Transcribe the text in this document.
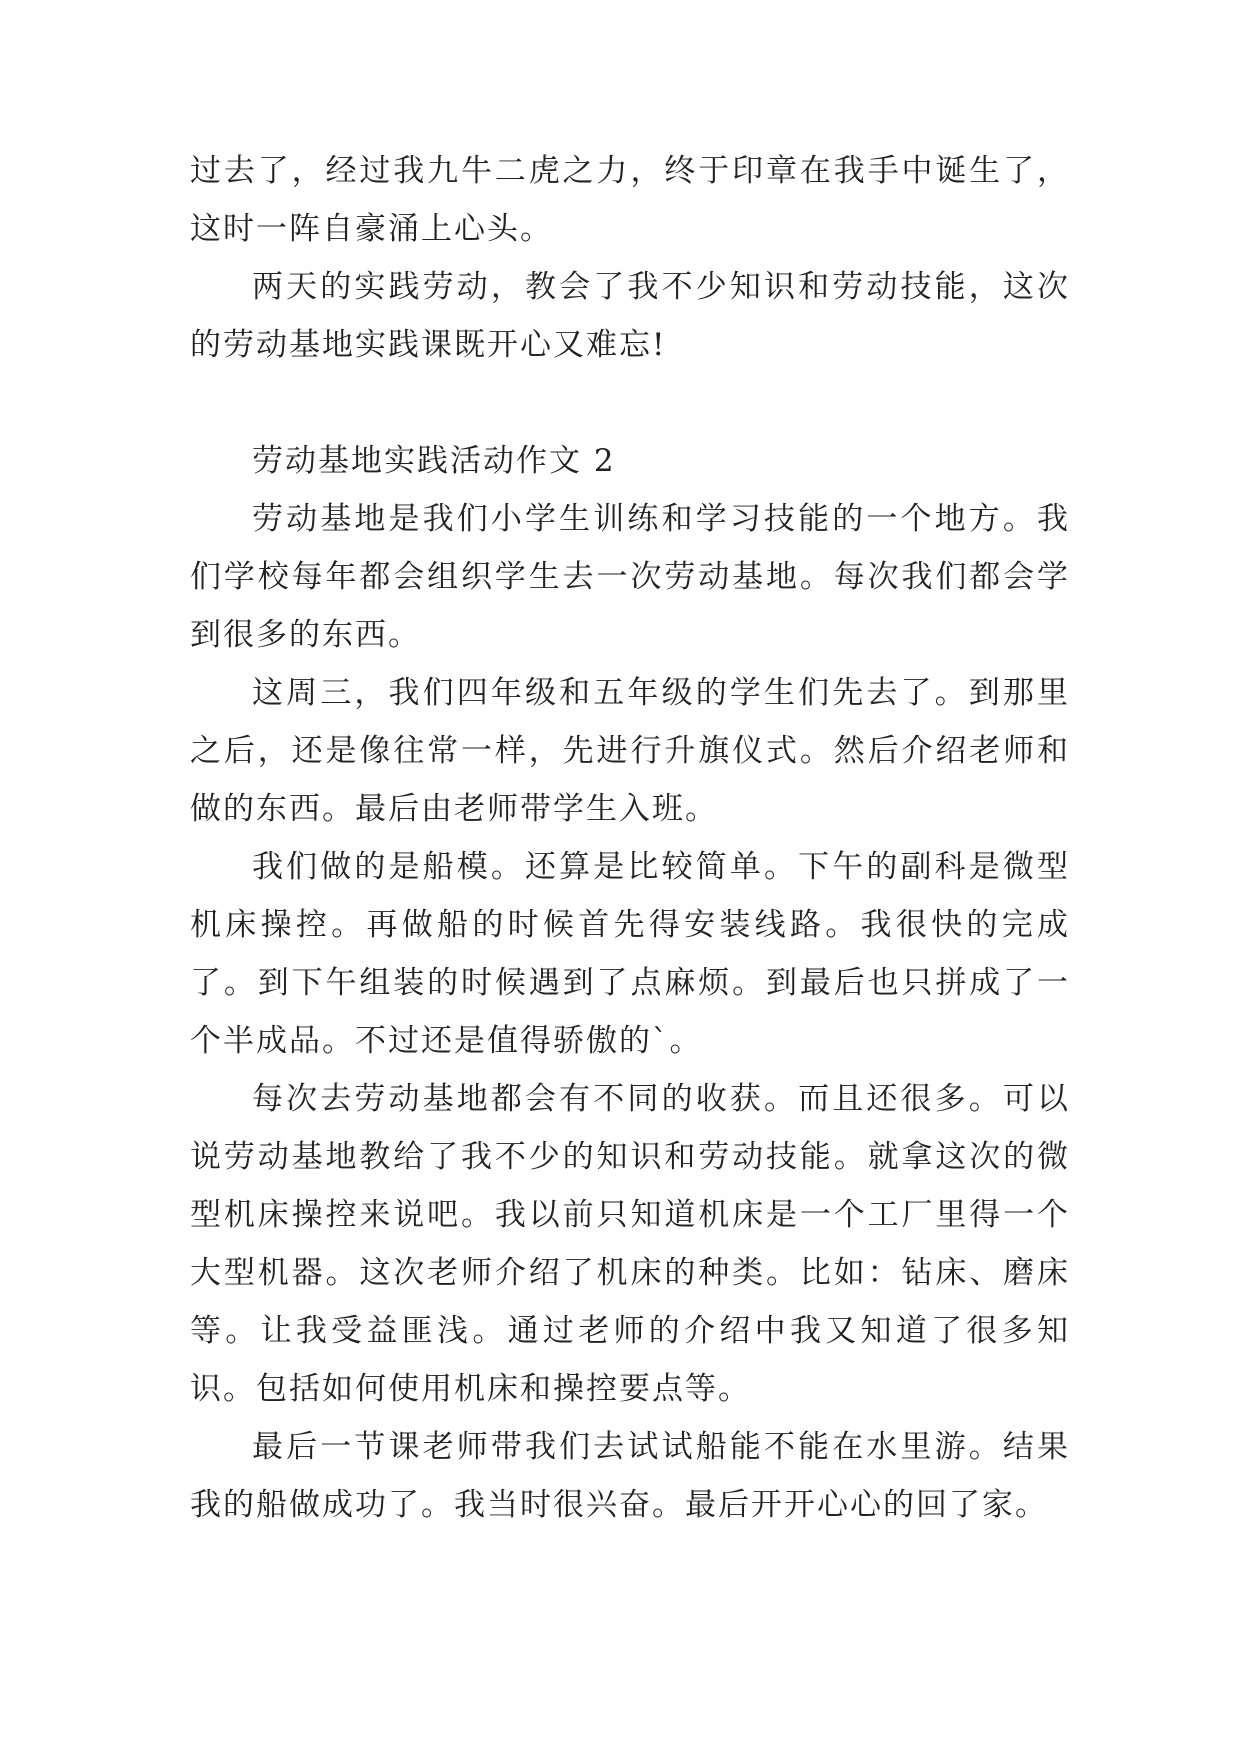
过去了，经过我九牛二虎之力，终于印章在我手中诞生了，这时一阵自豪涌上心头。

两天的实践劳动，教会了我不少知识和劳动技能，这次的劳动基地实践课既开心又难忘!

劳动基地实践活动作文 2

劳动基地是我们小学生训练和学习技能的一个地方。我们学校每年都会组织学生去一次劳动基地。每次我们都会学到很多的东西。

这周三，我们四年级和五年级的学生们先去了。到那里之后，还是像往常一样，先进行升旗仪式。然后介绍老师和做的东西。最后由老师带学生入班。

我们做的是船模。还算是比较简单。下午的副科是微型机床操控。再做船的时候首先得安装线路。我很快的完成了。到下午组装的时候遇到了点麻烦。到最后也只拼成了一个半成品。不过还是值得骄傲的`。

每次去劳动基地都会有不同的收获。而且还很多。可以说劳动基地教给了我不少的知识和劳动技能。就拿这次的微型机床操控来说吧。我以前只知道机床是一个工厂里得一个大型机器。这次老师介绍了机床的种类。比如：钻床、磨床等。让我受益匪浅。通过老师的介绍中我又知道了很多知识。包括如何使用机床和操控要点等。

最后一节课老师带我们去试试船能不能在水里游。结果我的船做成功了。我当时很兴奋。最后开开心心的回了家。
